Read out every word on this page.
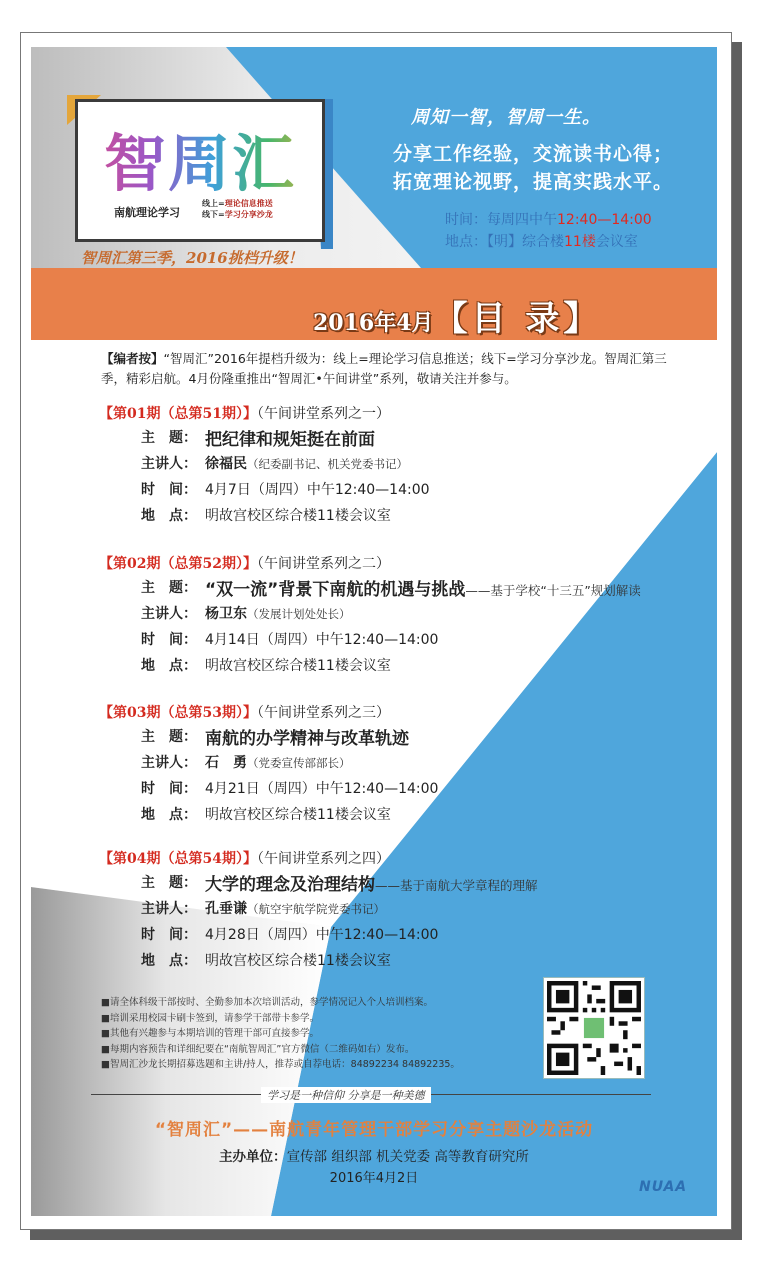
智周汇
南航理论学习
线上=理论信息推送
线下=学习分享沙龙
智周汇第三季，2016挑档升级！
周知一智，智周一生。
分享工作经验，交流读书心得；
拓宽理论视野，提高实践水平。
时间：每周四中午12:40—14:00
地点：【明】综合楼11楼会议室
2016年4月【目 录】
【编者按】“智周汇”2016年提档升级为：线上=理论学习信息推送；线下=学习分享沙龙。智周汇第三季，精彩启航。4月份隆重推出“智周汇•午间讲堂”系列，敬请关注并参与。
【第01期（总第51期）】（午间讲堂系列之一）
主　题： 把纪律和规矩挺在前面
主讲人： 徐福民（纪委副书记、机关党委书记）
时　间： 4月7日（周四）中午12:40—14:00
地　点： 明故宫校区综合楼11楼会议室
【第02期（总第52期）】（午间讲堂系列之二）
主　题： “双一流”背景下南航的机遇与挑战——基于学校“十三五”规划解读
主讲人： 杨卫东（发展计划处处长）
时　间： 4月14日（周四）中午12:40—14:00
地　点： 明故宫校区综合楼11楼会议室
【第03期（总第53期）】（午间讲堂系列之三）
主　题： 南航的办学精神与改革轨迹
主讲人： 石　勇（党委宣传部部长）
时　间： 4月21日（周四）中午12:40—14:00
地　点： 明故宫校区综合楼11楼会议室
【第04期（总第54期）】（午间讲堂系列之四）
主　题： 大学的理念及治理结构——基于南航大学章程的理解
主讲人： 孔垂谦（航空宇航学院党委书记）
时　间： 4月28日（周四）中午12:40—14:00
地　点： 明故宫校区综合楼11楼会议室
■请全体科级干部按时、全勤参加本次培训活动，参学情况记入个人培训档案。
■培训采用校园卡刷卡签到，请参学干部带卡参学。
■其他有兴趣参与本期培训的管理干部可直接参学。
■每期内容预告和详细纪要在“南航智周汇”官方微信（二维码如右）发布。
■智周汇沙龙长期招募选题和主讲/持人，推荐或自荐电话：84892234 84892235。
学习是一种信仰 分享是一种美德
“智周汇”——南航青年管理干部学习分享主题沙龙活动
主办单位：宣传部 组织部 机关党委 高等教育研究所
2016年4月2日
NUAA
